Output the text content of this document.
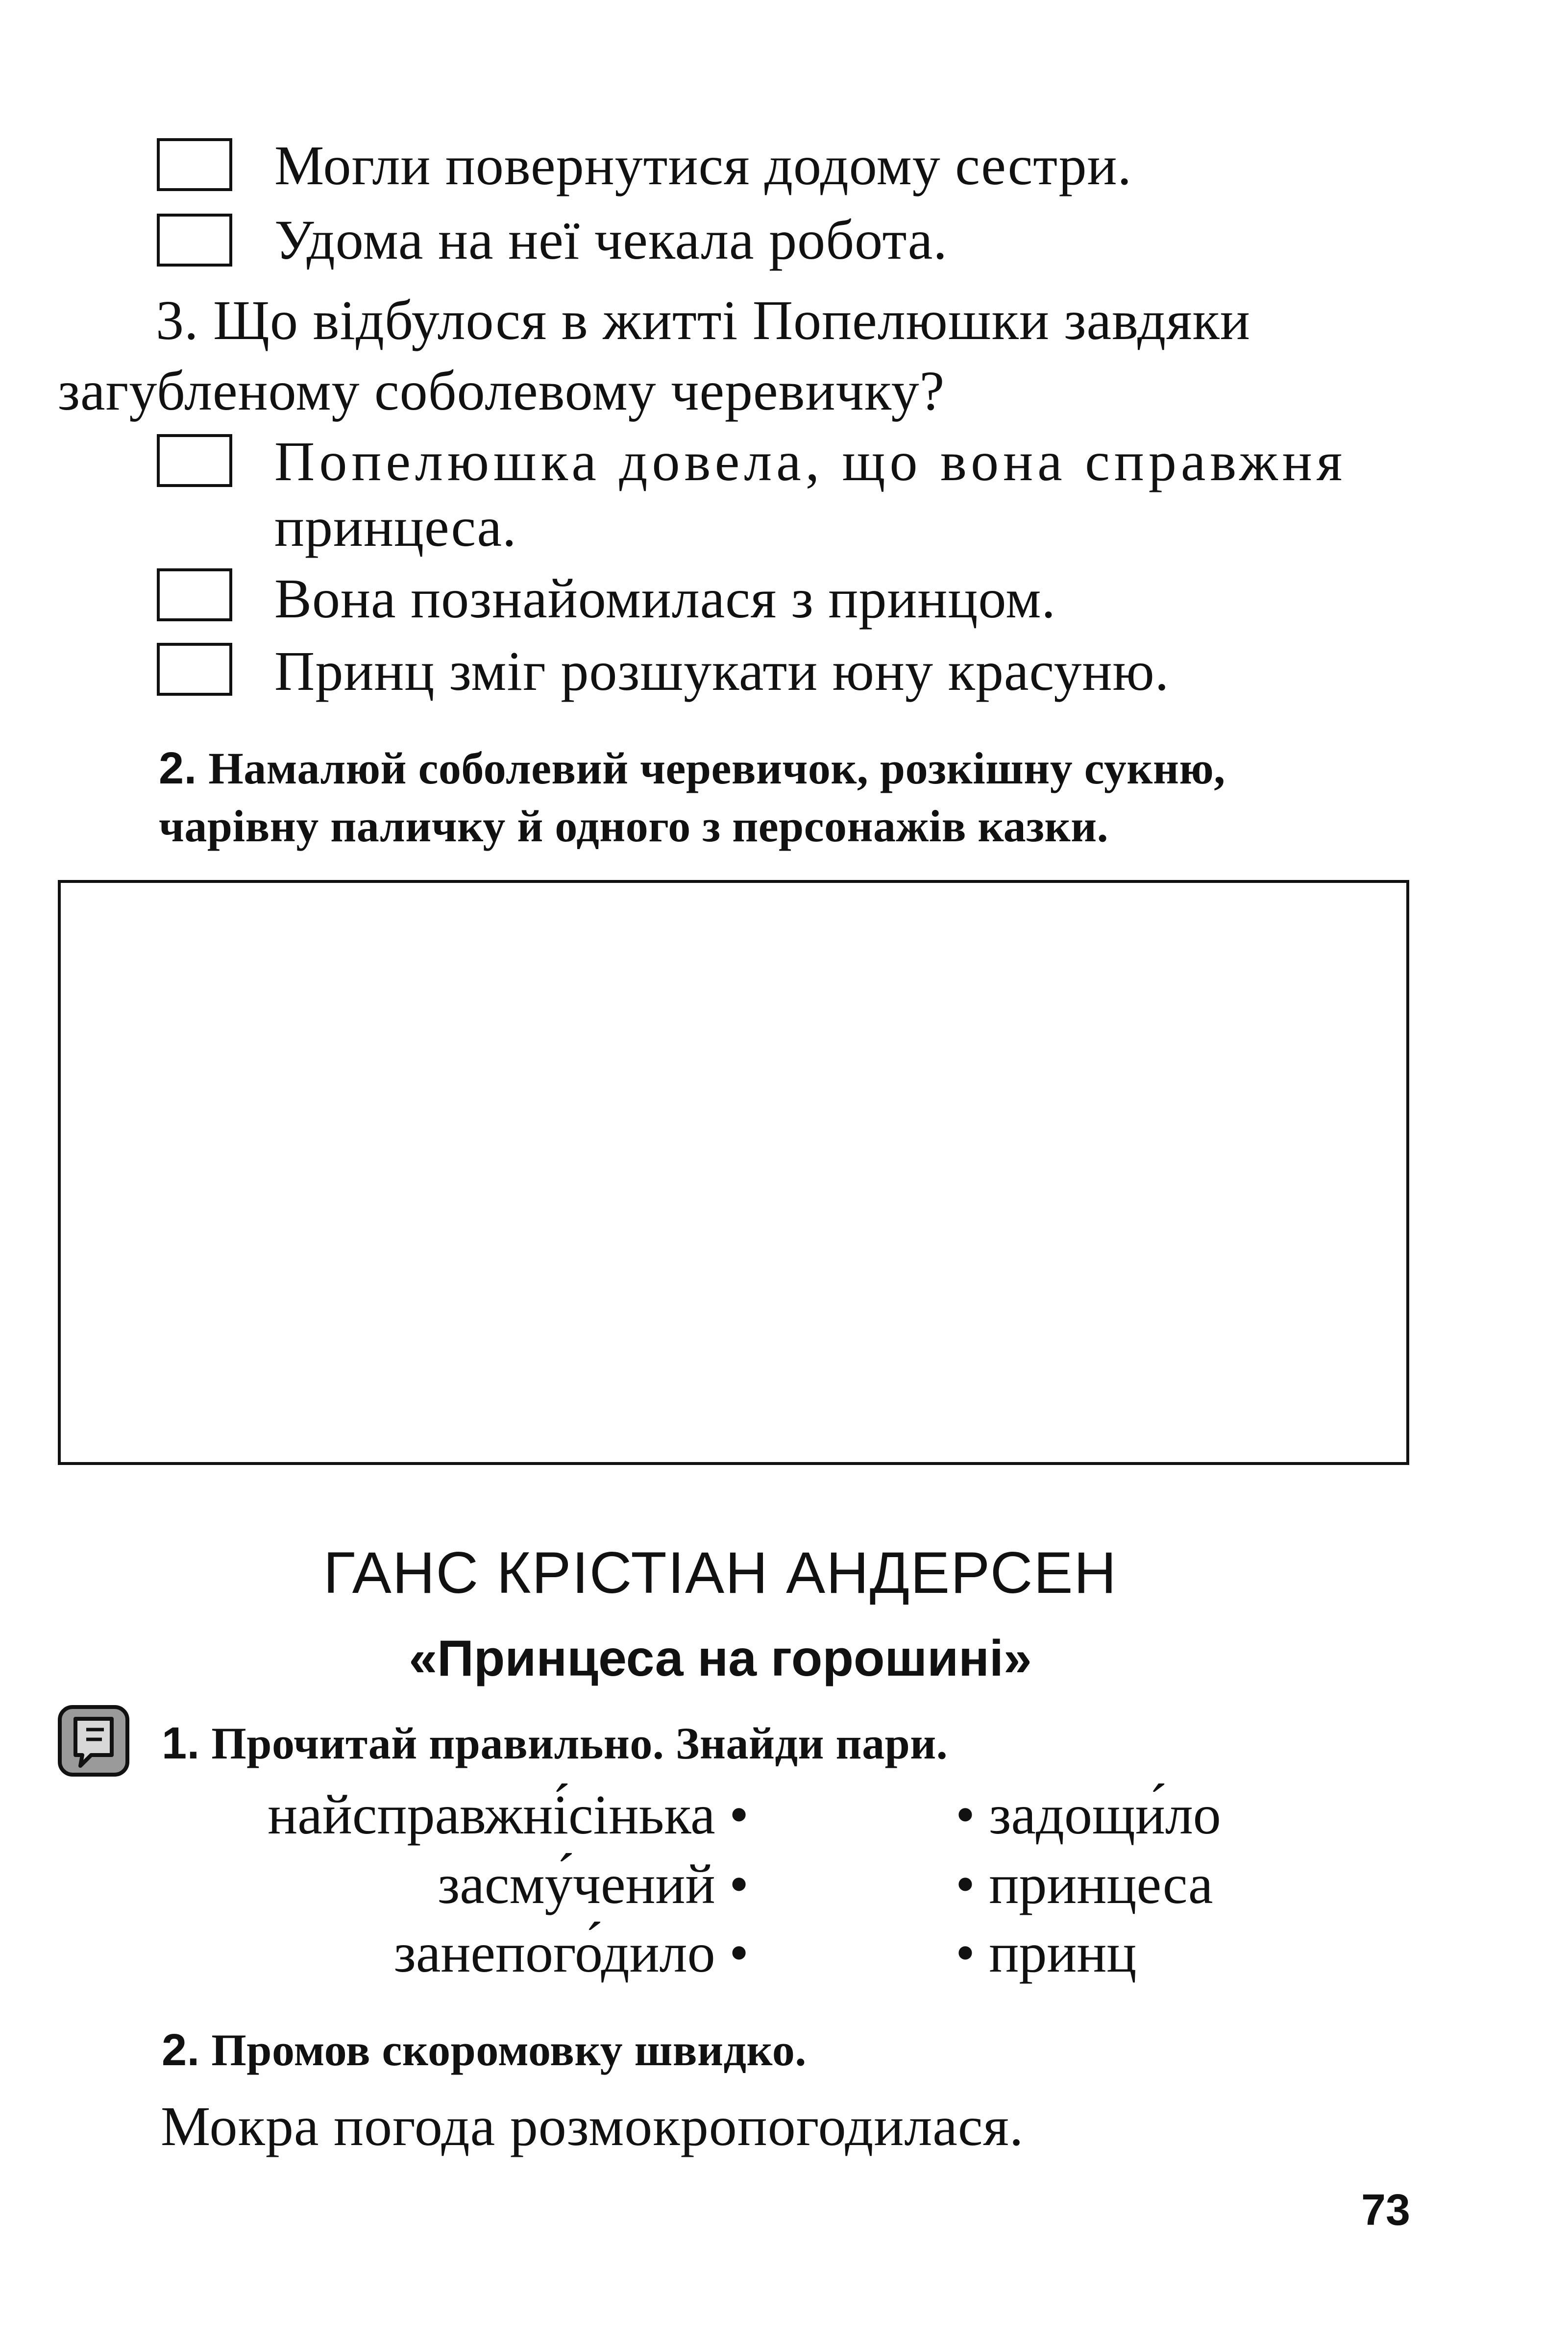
Могли повернутися додому сестри.
Удома на неї чекала робота.
3. Що відбулося в житті Попелюшки завдяки
загубленому соболевому черевичку?
Попелюшка довела, що вона справжня
принцеса.
Вона познайомилася з принцом.
Принц зміг розшукати юну красуню.
2. Намалюй соболевий черевичок, розкішну сукню,
чарівну паличку й одного з персонажів казки.
ГАНС КРІСТІАН АНДЕРСЕН
«Принцеса на горошині»
1. Прочитай правильно. Знайди пари.
найсправжні́сінька •
засму́чений •
занепого́дило •
• задощи́ло
• принцеса
• принц
2. Промов скоромовку швидко.
Мокра погода розмокропогодилася.
73
